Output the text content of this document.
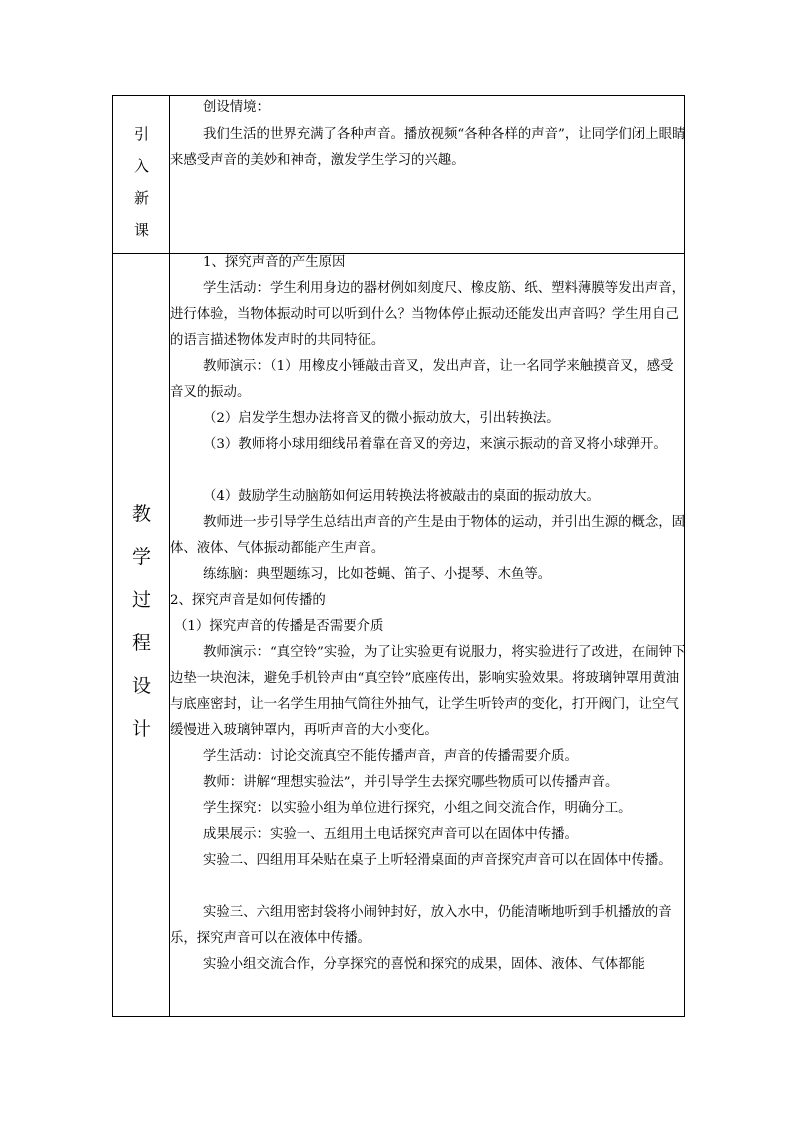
引
入
新
课

创设情境：

我们生活的世界充满了各种声音。播放视频“各种各样的声音”，让同学们闭上眼睛来感受声音的美妙和神奇，激发学生学习的兴趣。

教
学
过
程
设
计

1、探究声音的产生原因

学生活动：学生利用身边的器材例如刻度尺、橡皮筋、纸、塑料薄膜等发出声音，进行体验，当物体振动时可以听到什么？当物体停止振动还能发出声音吗？学生用自己的语言描述物体发声时的共同特征。

教师演示：（1）用橡皮小锤敲击音叉，发出声音，让一名同学来触摸音叉，感受音叉的振动。

（2）启发学生想办法将音叉的微小振动放大，引出转换法。

（3）教师将小球用细线吊着靠在音叉的旁边，来演示振动的音叉将小球弹开。

（4）鼓励学生动脑筋如何运用转换法将被敲击的桌面的振动放大。

教师进一步引导学生总结出声音的产生是由于物体的运动，并引出生源的概念，固体、液体、气体振动都能产生声音。

练练脑：典型题练习，比如苍蝇、笛子、小提琴、木鱼等。

2、探究声音是如何传播的

（1）探究声音的传播是否需要介质

教师演示：“真空铃”实验，为了让实验更有说服力，将实验进行了改进，在闹钟下边垫一块泡沫，避免手机铃声由“真空铃”底座传出，影响实验效果。将玻璃钟罩用黄油与底座密封，让一名学生用抽气筒往外抽气，让学生听铃声的变化，打开阀门，让空气缓慢进入玻璃钟罩内，再听声音的大小变化。

学生活动：讨论交流真空不能传播声音，声音的传播需要介质。

教师：讲解“理想实验法”，并引导学生去探究哪些物质可以传播声音。

学生探究：以实验小组为单位进行探究，小组之间交流合作，明确分工。

成果展示：实验一、五组用土电话探究声音可以在固体中传播。

实验二、四组用耳朵贴在桌子上听轻滑桌面的声音探究声音可以在固体中传播。

实验三、六组用密封袋将小闹钟封好，放入水中，仍能清晰地听到手机播放的音乐，探究声音可以在液体中传播。

实验小组交流合作，分享探究的喜悦和探究的成果，固体、液体、气体都能
